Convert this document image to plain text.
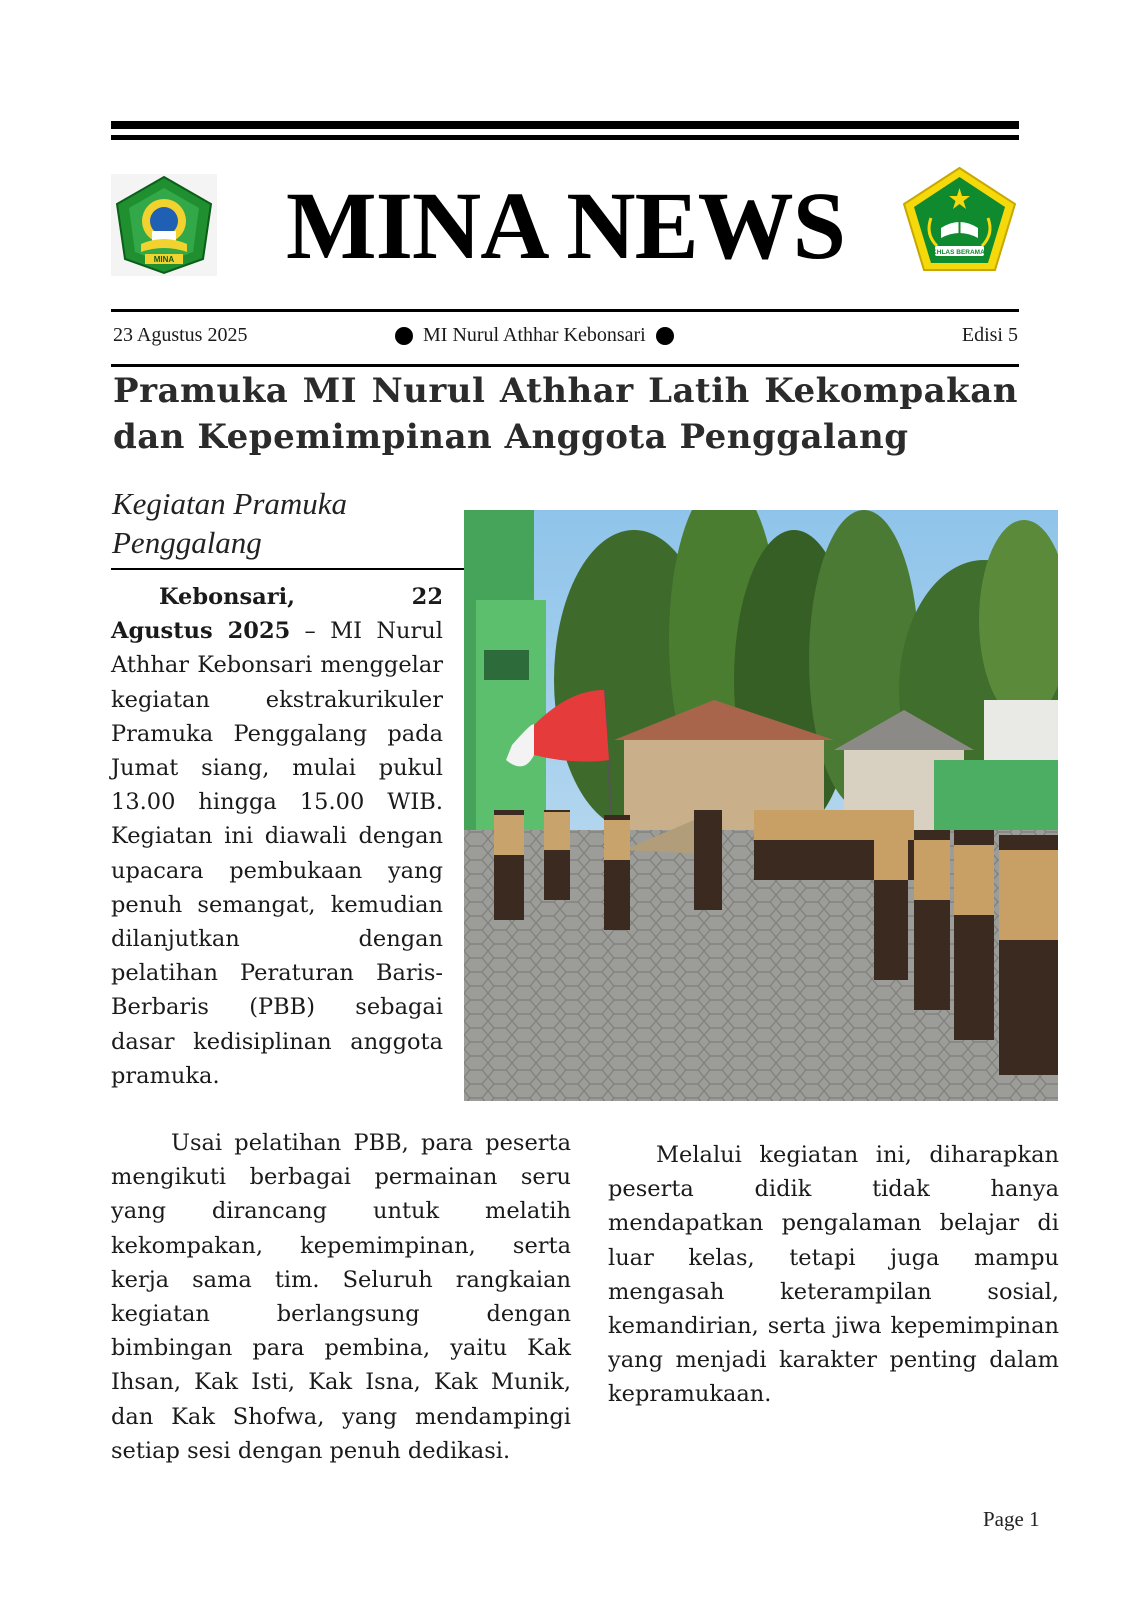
MINA	MINA NEWS	IKHLAS BERAMAL
23 Agustus 2025	MI Nurul Athhar Kebonsari	Edisi 5
Pramuka MI Nurul Athhar Latih Kekompakan dan Kepemimpinan Anggota Penggalang
Kegiatan Pramuka Penggalang

Kebonsari, 22 Agustus 2025 – MI Nurul Athhar Kebonsari menggelar kegiatan ekstrakurikuler Pramuka Penggalang pada Jumat siang, mulai pukul 13.00 hingga 15.00 WIB. Kegiatan ini diawali dengan upacara pembukaan yang penuh semangat, kemudian dilanjutkan dengan pelatihan Peraturan Baris-Berbaris (PBB) sebagai dasar kedisiplinan anggota pramuka.

Usai pelatihan PBB, para peserta mengikuti berbagai permainan seru yang dirancang untuk melatih kekompakan, kepemimpinan, serta kerja sama tim. Seluruh rangkaian kegiatan berlangsung dengan bimbingan para pembina, yaitu Kak Ihsan, Kak Isti, Kak Isna, Kak Munik, dan Kak Shofwa, yang mendampingi setiap sesi dengan penuh dedikasi.

Melalui kegiatan ini, diharapkan peserta didik tidak hanya mendapatkan pengalaman belajar di luar kelas, tetapi juga mampu mengasah keterampilan sosial, kemandirian, serta jiwa kepemimpinan yang menjadi karakter penting dalam kepramukaan.

Page 1
